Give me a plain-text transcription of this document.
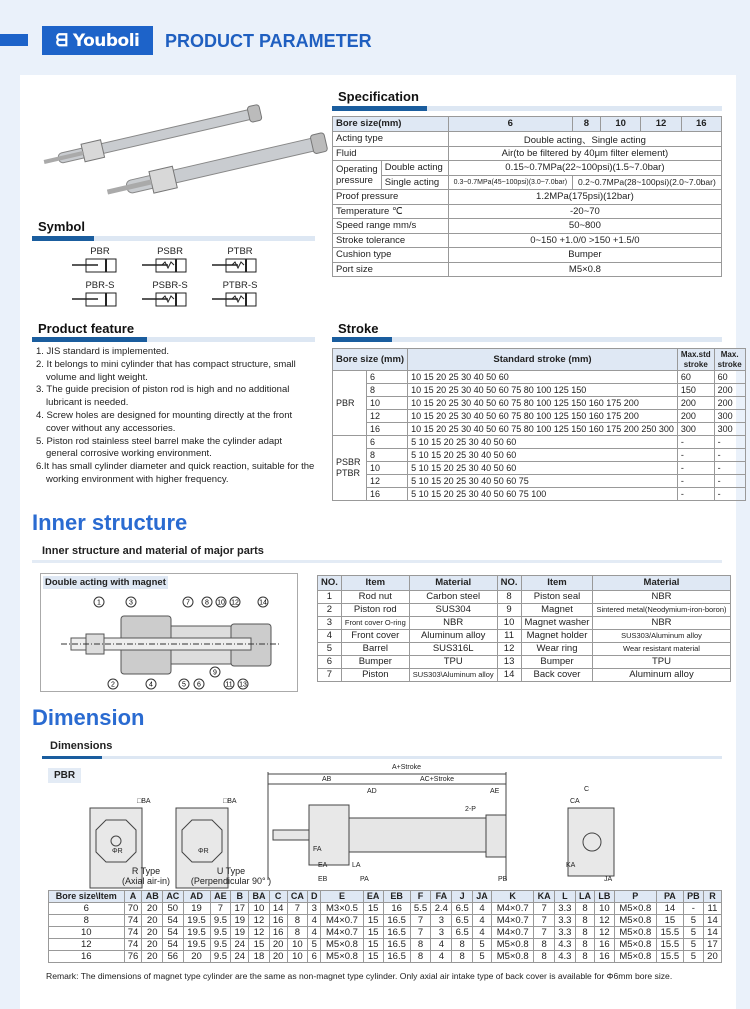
ᗺ Youboli	PRODUCT PARAMETER
Specification
Bore size(mm)		6	8	10	12	16
Acting type		Double acting、Single acting				
Fluid		Air(to be filtered by 40μm filter element)				
Operating pressure	Double acting	0.15~0.7MPa(22~100psi)(1.5~7.0bar)				
	Single acting	0.3~0.7MPa(45~100psi)(3.0~7.0bar)	0.2~0.7MPa(28~100psi)(2.0~7.0bar)			
Proof pressure		1.2MPa(175psi)(12bar)				
Temperature ℃		-20~70				
Speed range mm/s		50~800				
Stroke tolerance		0~150 +1.0/0 >150 +1.5/0				
Cushion type		Bumper				
Port size		M5×0.8				
Symbol
PBR	PSBR	PTBR
PBR-S	PSBR-S	PTBR-S
Product feature
1. JIS standard is implemented.
2. It belongs to mini cylinder that has compact structure, small volume and light weight.
3. The guide precision of piston rod is high and no additional lubricant is needed.
4. Screw holes are designed for mounting directly at the front cover without any accessories.
5. Piston rod stainless steel barrel make the cylinder adapt general corrosive working environment.
6.It has small cylinder diameter and quick reaction, suitable for the working environment with higher frequency.
Stroke
Bore size (mm)		Standard stroke (mm)	Max.std stroke	Max. stroke
PBR	6	10 15 20 25 30 40 50 60	60	60
	8	10 15 20 25 30 40 50 60 75 80 100 125 150	150	200
	10	10 15 20 25 30 40 50 60 75 80 100 125 150 160 175 200	200	200
	12	10 15 20 25 30 40 50 60 75 80 100 125 150 160 175 200	200	300
	16	10 15 20 25 30 40 50 60 75 80 100 125 150 160 175 200 250 300	300	300
PSBR PTBR	6	5 10 15 20 25 30 40 50 60	-	-
	8	5 10 15 20 25 30 40 50 60	-	-
	10	5 10 15 20 25 30 40 50 60	-	-
	12	5 10 15 20 25 30 40 50 60 75	-	-
	16	5 10 15 20 25 30 40 50 60 75 100	-	-
Inner structure
Inner structure and material of major parts
1
2
3
4	5 6
7 8
9
10
11
12
13
14
Double acting with magnet	NO.	Item	Material	NO.	Item	Material
1	Rod nut	Carbon steel	8	Piston seal	NBR
2	Piston rod	SUS304	9	Magnet	Sintered metal(Neodymium-iron-boron)
3	Front cover O-ring	NBR	10	Magnet washer	NBR
4	Front cover	Aluminum alloy	11	Magnet holder	SUS303/Aluminum alloy
5	Barrel	SUS316L	12	Wear ring	Wear resistant material
6	Bumper	TPU	13	Bumper	TPU
7	Piston	SUS303\Aluminum alloy	14	Back cover	Aluminum alloy
Dimension
Dimensions
PBR
R Type
(Axial air-in)
U Type
(Perpendicular 90° )
A+Stroke
AC+Stroke
AB
AD	AE
2-P
□BA	□BA
ΦR	ΦR
C
CA
FA
EA	LA
EB	PA	PB
KA
JA
Bore size\Item	A	AB	AC	AD	AE	B	BA	C	CA	D	E	EA	EB	F	FA	J	JA	K	KA	L	LA	LB	P	PA	PB	R
6	70	20	50	19	7	17	10	14	7	3	M3×0.5	15	16	5.5	2.4	6.5	4	M4×0.7	7	3.3	8	10	M5×0.8	14	-	11
8	74	20	54	19.5	9.5	19	12	16	8	4	M4×0.7	15	16.5	7	3	6.5	4	M4×0.7	7	3.3	8	12	M5×0.8	15	5	14
10	74	20	54	19.5	9.5	19	12	16	8	4	M4×0.7	15	16.5	7	3	6.5	4	M4×0.7	7	3.3	8	12	M5×0.8	15.5	5	14
12	74	20	54	19.5	9.5	24	15	20	10	5	M5×0.8	15	16.5	8	4	8	5	M5×0.8	8	4.3	8	16	M5×0.8	15.5	5	17
16	76	20	56	20	9.5	24	18	20	10	6	M5×0.8	15	16.5	8	4	8	5	M5×0.8	8	4.3	8	16	M5×0.8	15.5	5	20
Remark: The dimensions of magnet type cylinder are the same as non-magnet type cylinder. Only axial air intake type of back cover is available for Φ6mm bore size.
